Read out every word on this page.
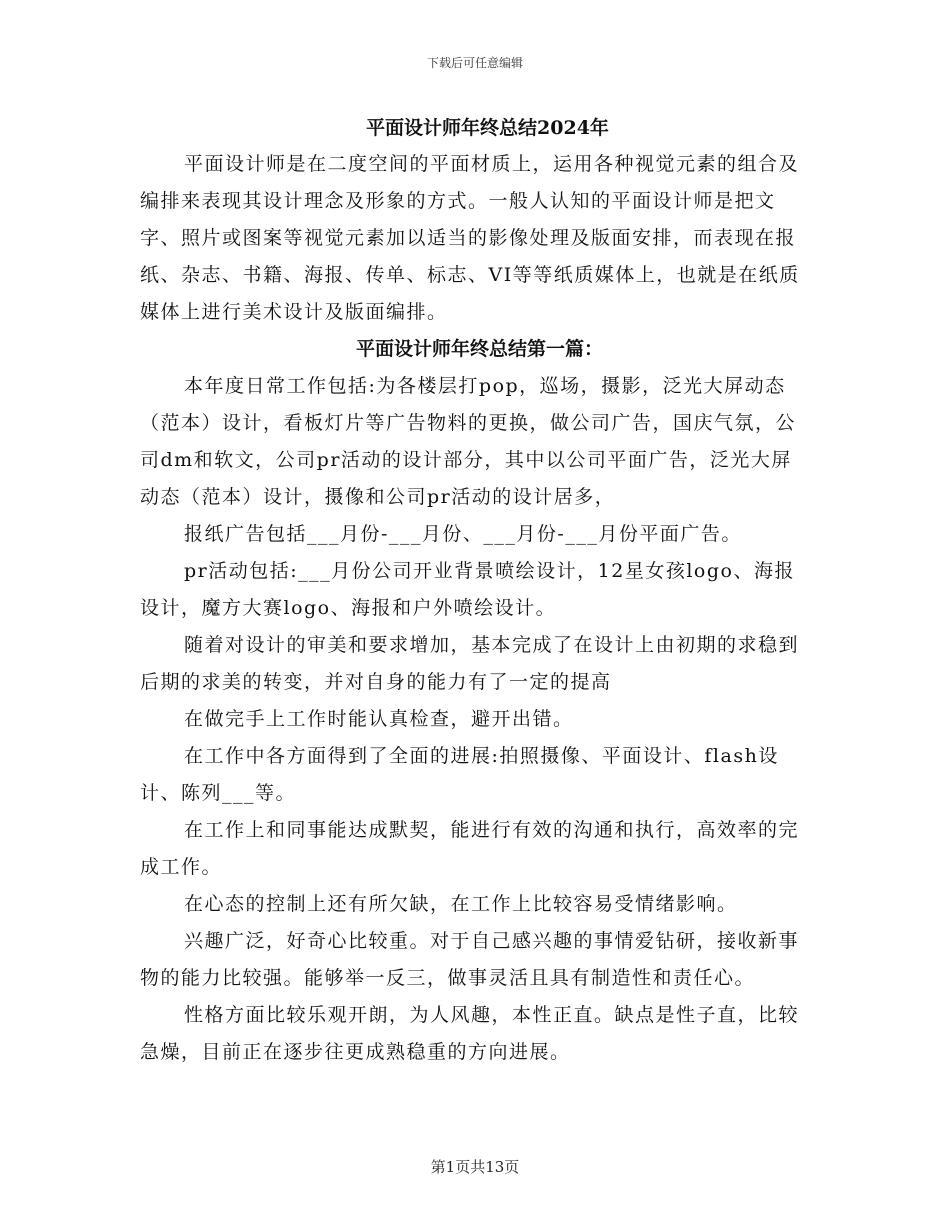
下载后可任意编辑
平面设计师年终总结2024年

平面设计师是在二度空间的平面材质上，运用各种视觉元素的组合及编排来表现其设计理念及形象的方式。一般人认知的平面设计师是把文字、照片或图案等视觉元素加以适当的影像处理及版面安排，而表现在报纸、杂志、书籍、海报、传单、标志、VI等等纸质媒体上，也就是在纸质媒体上进行美术设计及版面编排。

平面设计师年终总结第一篇：

本年度日常工作包括:为各楼层打pop，巡场，摄影，泛光大屏动态（范本）设计，看板灯片等广告物料的更换，做公司广告，国庆气氛，公司dm和软文，公司pr活动的设计部分，其中以公司平面广告，泛光大屏动态（范本）设计，摄像和公司pr活动的设计居多，

报纸广告包括___月份-___月份、___月份-___月份平面广告。

pr活动包括:___月份公司开业背景喷绘设计，12星女孩logo、海报设计，魔方大赛logo、海报和户外喷绘设计。

随着对设计的审美和要求增加，基本完成了在设计上由初期的求稳到后期的求美的转变，并对自身的能力有了一定的提高

在做完手上工作时能认真检查，避开出错。

在工作中各方面得到了全面的进展:拍照摄像、平面设计、flash设计、陈列___等。

在工作上和同事能达成默契，能进行有效的沟通和执行，高效率的完成工作。

在心态的控制上还有所欠缺，在工作上比较容易受情绪影响。

兴趣广泛，好奇心比较重。对于自己感兴趣的事情爱钻研，接收新事物的能力比较强。能够举一反三，做事灵活且具有制造性和责任心。

性格方面比较乐观开朗，为人风趣，本性正直。缺点是性子直，比较急燥，目前正在逐步往更成熟稳重的方向进展。

第1页共13页
